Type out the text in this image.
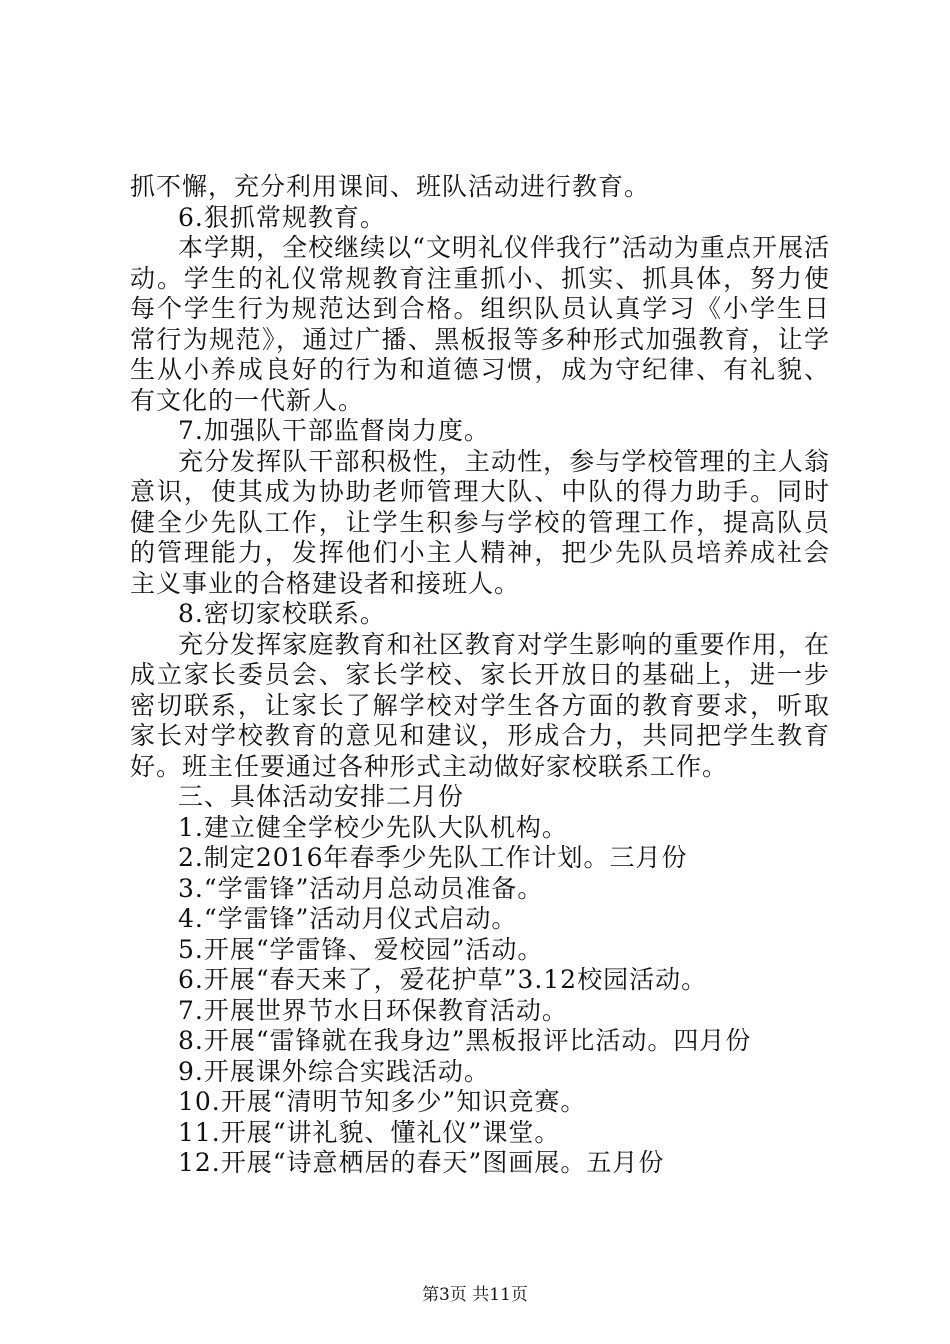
抓不懈，充分利用课间、班队活动进行教育。
6.狠抓常规教育。
本学期，全校继续以“文明礼仪伴我行”活动为重点开展活动。学生的礼仪常规教育注重抓小、抓实、抓具体，努力使每个学生行为规范达到合格。组织队员认真学习《小学生日常行为规范》，通过广播、黑板报等多种形式加强教育，让学生从小养成良好的行为和道德习惯，成为守纪律、有礼貌、有文化的一代新人。
7.加强队干部监督岗力度。
充分发挥队干部积极性，主动性，参与学校管理的主人翁意识，使其成为协助老师管理大队、中队的得力助手。同时健全少先队工作，让学生积参与学校的管理工作，提高队员的管理能力，发挥他们小主人精神，把少先队员培养成社会主义事业的合格建设者和接班人。
8.密切家校联系。
充分发挥家庭教育和社区教育对学生影响的重要作用，在成立家长委员会、家长学校、家长开放日的基础上，进一步密切联系，让家长了解学校对学生各方面的教育要求，听取家长对学校教育的意见和建议，形成合力，共同把学生教育好。班主任要通过各种形式主动做好家校联系工作。
三、具体活动安排二月份
1.建立健全学校少先队大队机构。
2.制定2016年春季少先队工作计划。三月份
3.“学雷锋”活动月总动员准备。
4.“学雷锋”活动月仪式启动。
5.开展“学雷锋、爱校园”活动。
6.开展“春天来了，爱花护草”3.12校园活动。
7.开展世界节水日环保教育活动。
8.开展“雷锋就在我身边”黑板报评比活动。四月份
9.开展课外综合实践活动。
10.开展“清明节知多少”知识竞赛。
11.开展“讲礼貌、懂礼仪”课堂。
12.开展“诗意栖居的春天”图画展。五月份
第3页 共11页
